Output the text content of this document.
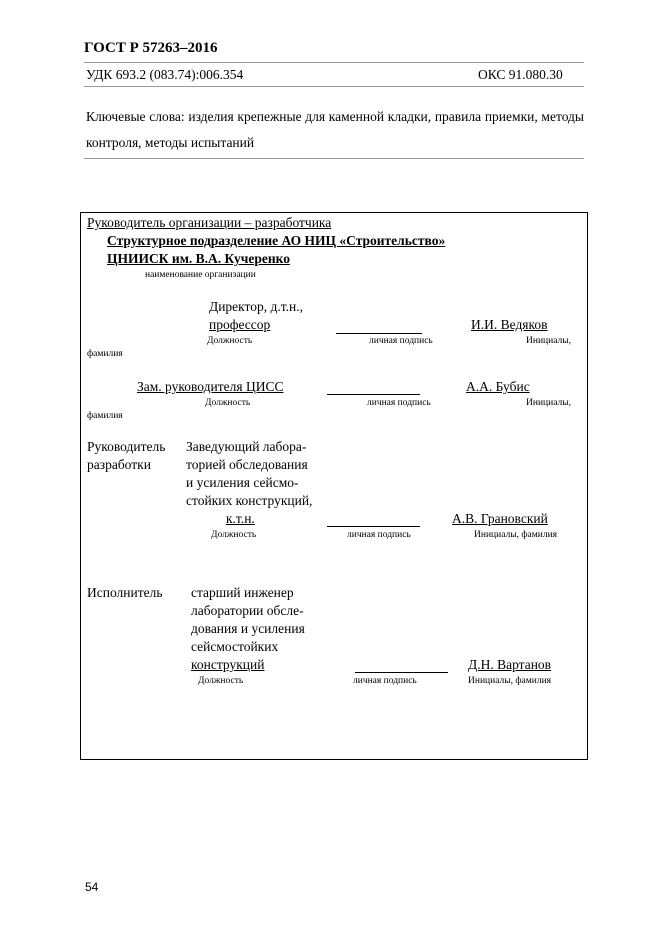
ГОСТ Р 57263–2016
УДК 693.2 (083.74):006.354	ОКС 91.080.30
Ключевые слова: изделия крепежные для каменной кладки, правила приемки, методы контроля, методы испытаний
Руководитель организации – разработчика
Структурное подразделение АО НИЦ «Строительство»
ЦНИИСК им. В.А. Кучеренко
наименование организации
Директор, д.т.н.,
профессор	И.И. Ведяков
Должность	личная подпись	Инициалы,
фамилия
Зам. руководителя ЦИСС	А.А. Бубис
Должность	личная подпись	Инициалы,
фамилия
Руководитель
разработки
Заведующий лабора-
торией обследования
и усиления сейсмо-
стойких конструкций,
к.т.н.	А.В. Грановский
Должность	личная подпись	Инициалы, фамилия
Исполнитель старший инженер
лаборатории обсле-
дования и усиления
сейсмостойких
конструкций	Д.Н. Вартанов
Должность	личная подпись	Инициалы, фамилия
54
